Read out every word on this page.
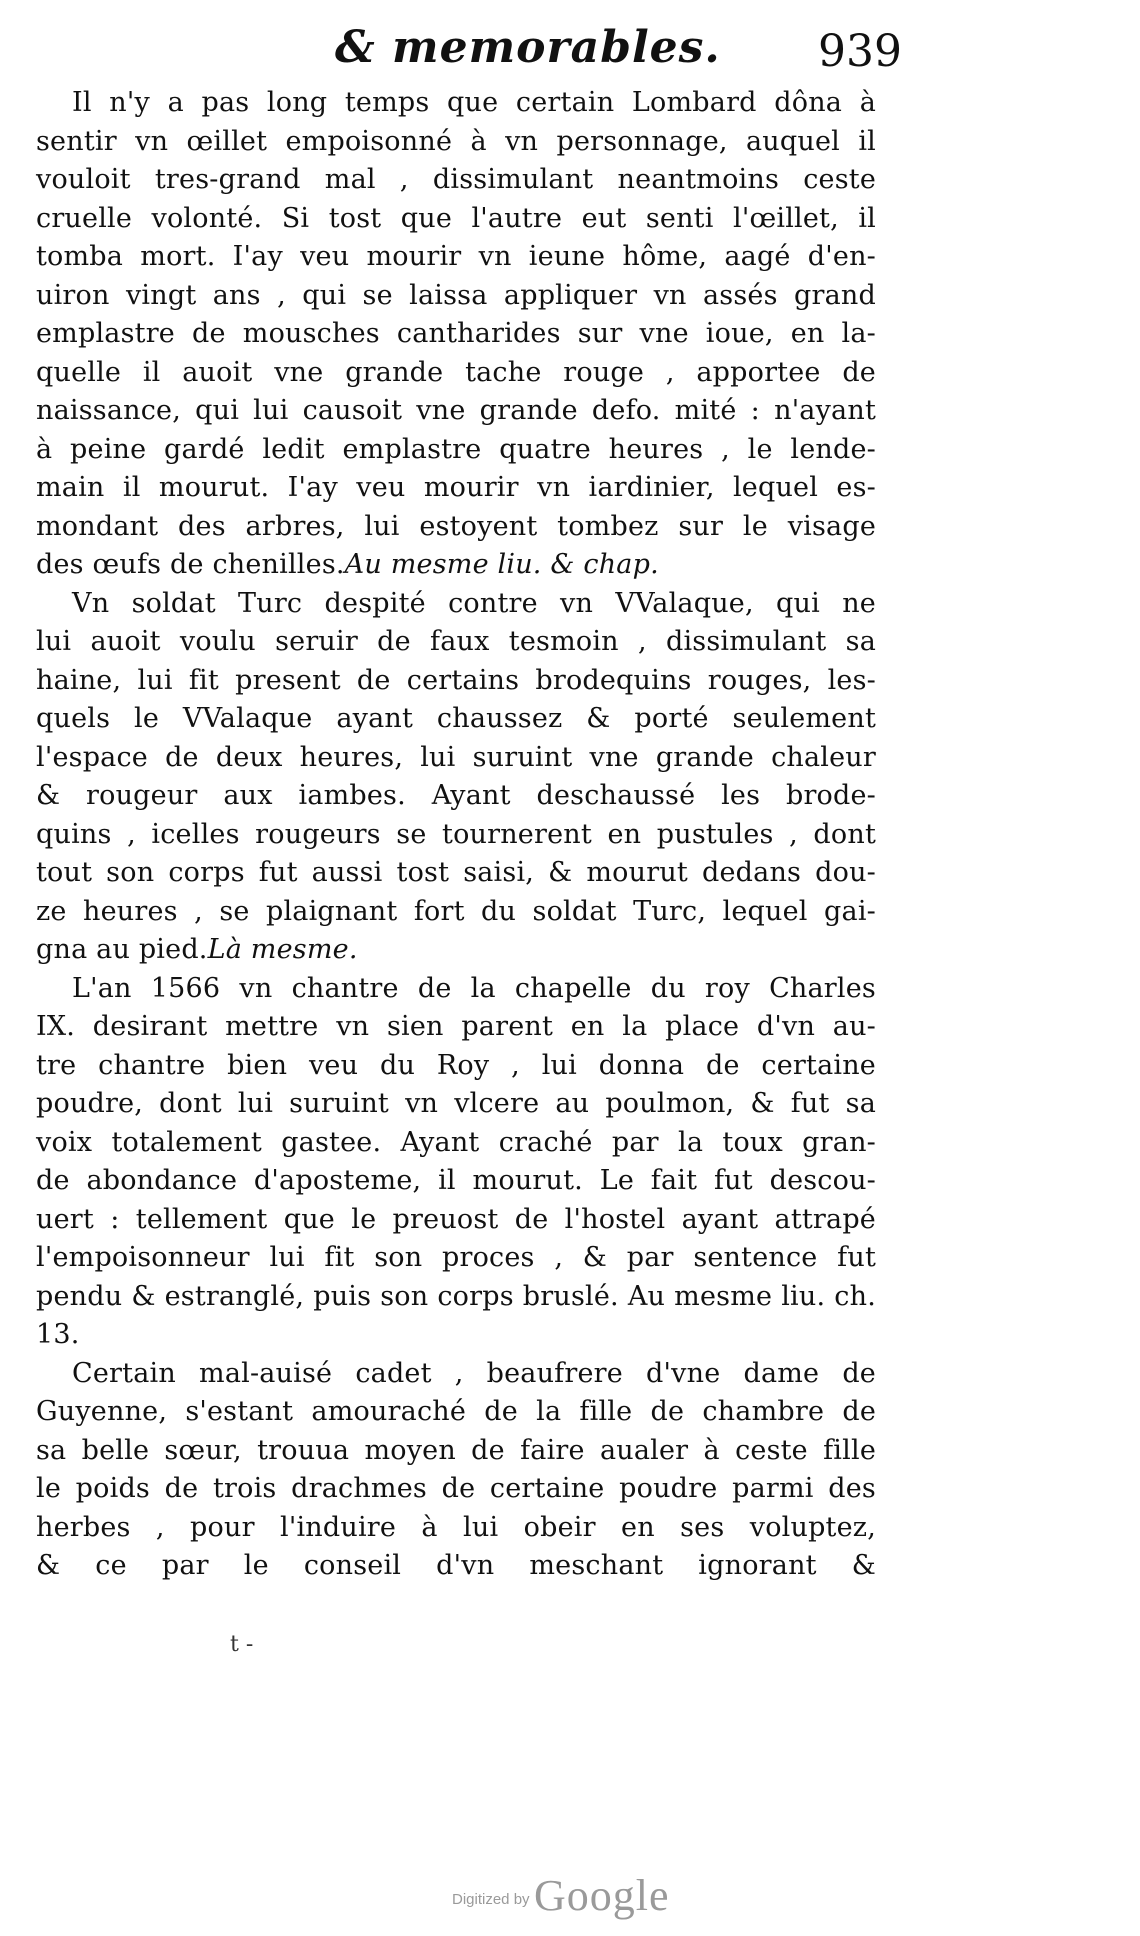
& memorables. 939
Il n'y a pas long temps que certain Lombard dôna à
sentir vn œillet empoisonné à vn personnage, auquel il
vouloit tres-grand mal , dissimulant neantmoins ceste
cruelle volonté. Si tost que l'autre eut senti l'œillet, il
tomba mort. I'ay veu mourir vn ieune hôme, aagé d'en-
uiron vingt ans , qui se laissa appliquer vn assés grand
emplastre de mousches cantharides sur vne ioue, en la-
quelle il auoit vne grande tache rouge , apportee de
naissance, qui lui causoit vne grande defo. mité : n'ayant
à peine gardé ledit emplastre quatre heures , le lende-
main il mourut. I'ay veu mourir vn iardinier, lequel es-
mondant des arbres, lui estoyent tombez sur le visage
des œufs de chenilles.Au mesme liu. & chap.
Vn soldat Turc despité contre vn VValaque, qui ne
lui auoit voulu seruir de faux tesmoin , dissimulant sa
haine, lui fit present de certains brodequins rouges, les-
quels le VValaque ayant chaussez & porté seulement
l'espace de deux heures, lui suruint vne grande chaleur
& rougeur aux iambes. Ayant deschaussé les brode-
quins , icelles rougeurs se tournerent en pustules , dont
tout son corps fut aussi tost saisi, & mourut dedans dou-
ze heures , se plaignant fort du soldat Turc, lequel gai-
gna au pied.Là mesme.
L'an 1566 vn chantre de la chapelle du roy Charles
IX. desirant mettre vn sien parent en la place d'vn au-
tre chantre bien veu du Roy , lui donna de certaine
poudre, dont lui suruint vn vlcere au poulmon, & fut sa
voix totalement gastee. Ayant craché par la toux gran-
de abondance d'apostеme, il mourut. Le fait fut descou-
uert : tellement que le preuost de l'hostel ayant attrapé
l'empoisonneur lui fit son proces , & par sentence fut
pendu & estranglé, puis son corps bruslé. Au mesme liu. ch.
13.
Certain mal-auisé cadet , beaufrere d'vne dame de
Guyenne, s'estant amouraché de la fille de chambre de
sa belle sœur, trouua moyen de faire aualer à ceste fille
le poids de trois drachmes de certaine poudre parmi des
herbes , pour l'induire à lui obeir en ses voluptez,
& ce par le conseil d'vn meschant ignorant &
t -
Digitized by Google
